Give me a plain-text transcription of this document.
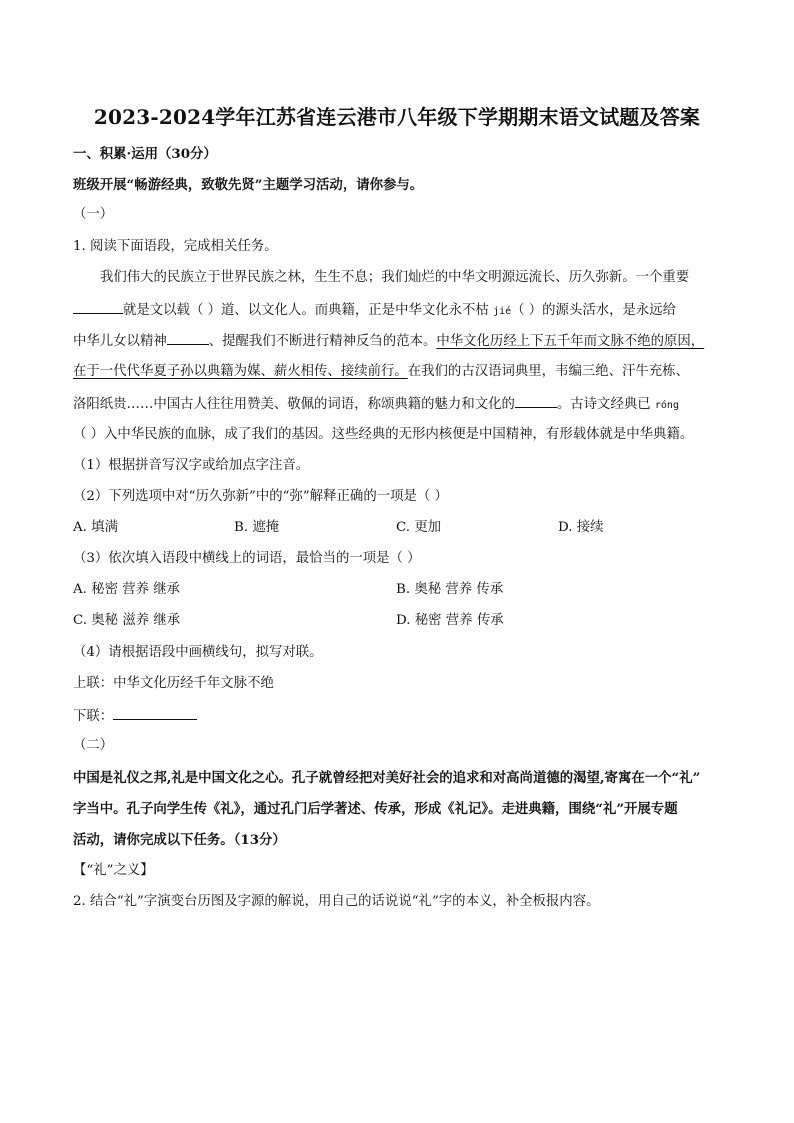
2023-2024学年江苏省连云港市八年级下学期期末语文试题及答案
一、积累·运用（30分）
班级开展“畅游经典，致敬先贤”主题学习活动，请你参与。
（一）
1. 阅读下面语段，完成相关任务。
我们伟大的民族立于世界民族之林，生生不息；我们灿烂的中华文明源远流长、历久弥新。一个重要
就是文以载（ ）道、以文化人。而典籍，正是中华文化永不枯 jié（ ）的源头活水，是永远给
中华儿女以精神	、提醒我们不断进行精神反刍的范本。中华文化历经上下五千年而文脉不绝的原因，
在于一代代华夏子孙以典籍为媒、薪火相传、接续前行。在我们的古汉语词典里，韦编三绝、汗牛充栋、
洛阳纸贵……中国古人往往用赞美、敬佩的词语，称颂典籍的魅力和文化的	。古诗文经典已 róng
（ ）入中华民族的血脉，成了我们的基因。这些经典的无形内核便是中国精神，有形载体就是中华典籍。
（1）根据拼音写汉字或给加点字注音。
（2）下列选项中对“历久弥新”中的“弥”解释正确的一项是（ ）
A. 填满	B. 遮掩	C. 更加	D. 接续
（3）依次填入语段中横线上的词语，最恰当的一项是（ ）
A. 秘密 营养 继承	B. 奥秘 营养 传承
C. 奥秘 滋养 继承	D. 秘密 营养 传承
（4）请根据语段中画横线句，拟写对联。
上联：中华文化历经千年文脉不绝
下联：
（二）
中国是礼仪之邦,礼是中国文化之心。孔子就曾经把对美好社会的追求和对高尚道德的渴望,寄寓在一个“礼”
字当中。孔子向学生传《礼》，通过孔门后学著述、传承，形成《礼记》。走进典籍，围绕“礼”开展专题
活动，请你完成以下任务。（13分）
【“礼”之义】
2. 结合“礼”字演变台历图及字源的解说，用自己的话说说“礼”字的本义，补全板报内容。
